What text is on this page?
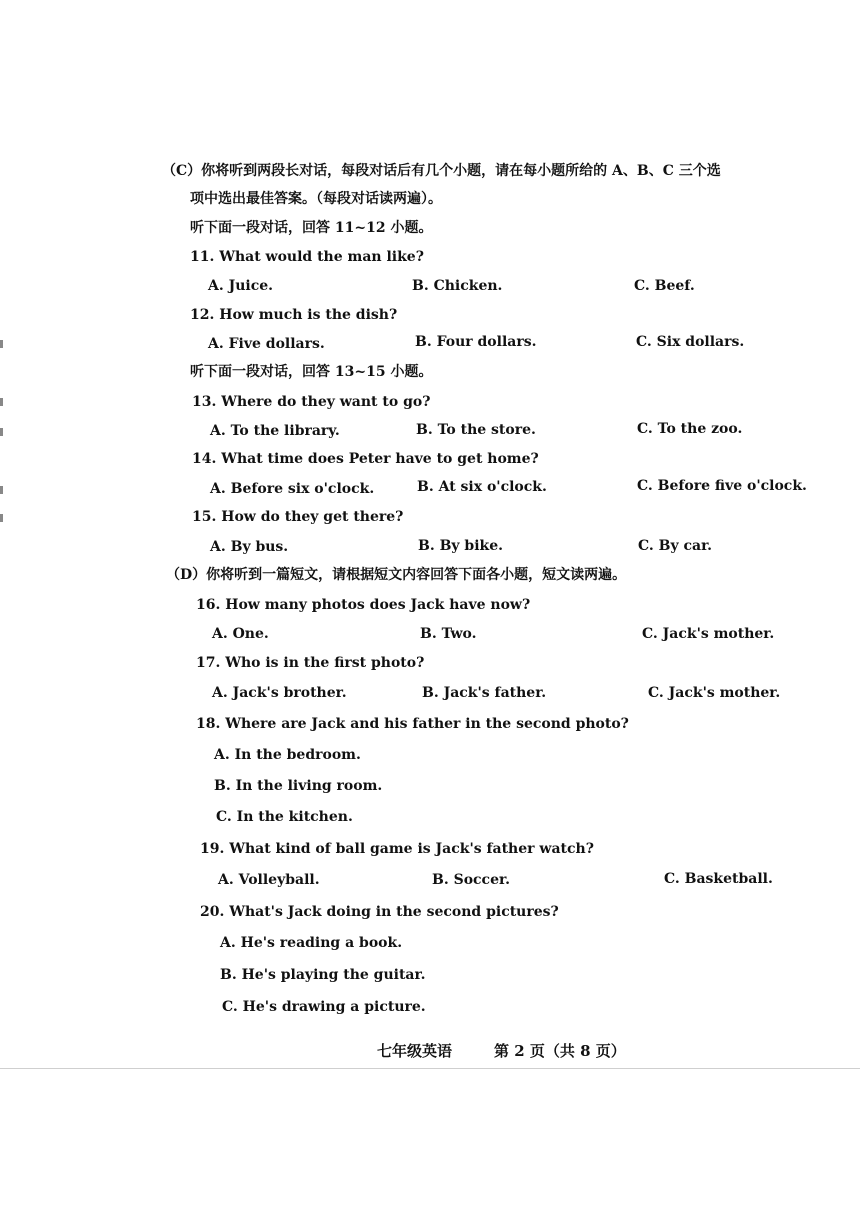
（C）你将听到两段长对话，每段对话后有几个小题，请在每小题所给的 A、B、C 三个选
项中选出最佳答案。（每段对话读两遍）。
听下面一段对话，回答 11~12 小题。
11. What would the man like?
A. Juice.	B. Chicken.	C. Beef.
12. How much is the dish?
A. Five dollars.	B. Four dollars.	C. Six dollars.
听下面一段对话，回答 13~15 小题。
13. Where do they want to go?
A. To the library.	B. To the store.	C. To the zoo.
14. What time does Peter have to get home?
A. Before six o'clock.	B. At six o'clock.	C. Before five o'clock.
15. How do they get there?
A. By bus.	B. By bike.	C. By car.
（D）你将听到一篇短文，请根据短文内容回答下面各小题，短文读两遍。
16. How many photos does Jack have now?
A. One.	B. Two.	C. Jack's mother.
17. Who is in the first photo?
A. Jack's brother.	B. Jack's father.	C. Jack's mother.
18. Where are Jack and his father in the second photo?
A. In the bedroom.
B. In the living room.
C. In the kitchen.
19. What kind of ball game is Jack's father watch?
A. Volleyball.	B. Soccer.	C. Basketball.
20. What's Jack doing in the second pictures?
A. He's reading a book.
B. He's playing the guitar.
C. He's drawing a picture.
七年级英语	第 2 页（共 8 页）
